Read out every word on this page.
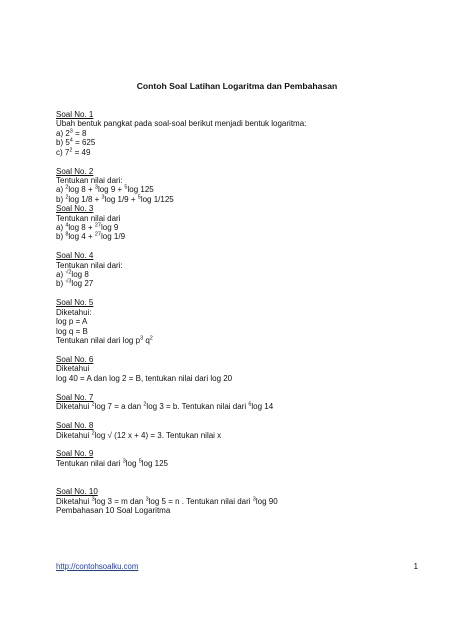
Contoh Soal Latihan Logaritma dan Pembahasan
Soal No. 1
Ubah bentuk pangkat pada soal-soal berikut menjadi bentuk logaritma:
a) $2^3 = 8$
b) $5^4 = 625$
c) $7^2 = 49$
Soal No. 2
Tentukan nilai dari:
a) $^2$log 8 + $^3$log 9 + $^5$log 125
b) $^2$log 1/8 + $^3$log 1/9 + $^5$log 1/125
Soal No. 3
Tentukan nilai dari
a) $^4$log 8 + $^{27}$log 9
b) $^8$log 4 + $^{27}$log 1/9
Soal No. 4
Tentukan nilai dari:
a) $^{√2}$log 8
b) $^{√3}$log 27
Soal No. 5
Diketahui:
log p = A
log q = B
Tentukan nilai dari $\log p^3$ $q^2$
Soal No. 6
Diketahui
log 40 = A dan log 2 = B, tentukan nilai dari log 20
Soal No. 7
Diketahui $^2$log 7 = a dan $^2$log 3 = b. Tentukan nilai dari $^6$log 14
Soal No. 8
Diketahui $^2$log √ (12 x + 4) = 3. Tentukan nilai x
Soal No. 9
Tentukan nilai dari $^3$log $^5$log 125
Soal No. 10
Diketahui $^3$log 3 = m dan $^3$log 5 = n . Tentukan nilai dari $^3$log 90
Pembahasan 10 Soal Logaritma
http://contohsoalku.com	1
